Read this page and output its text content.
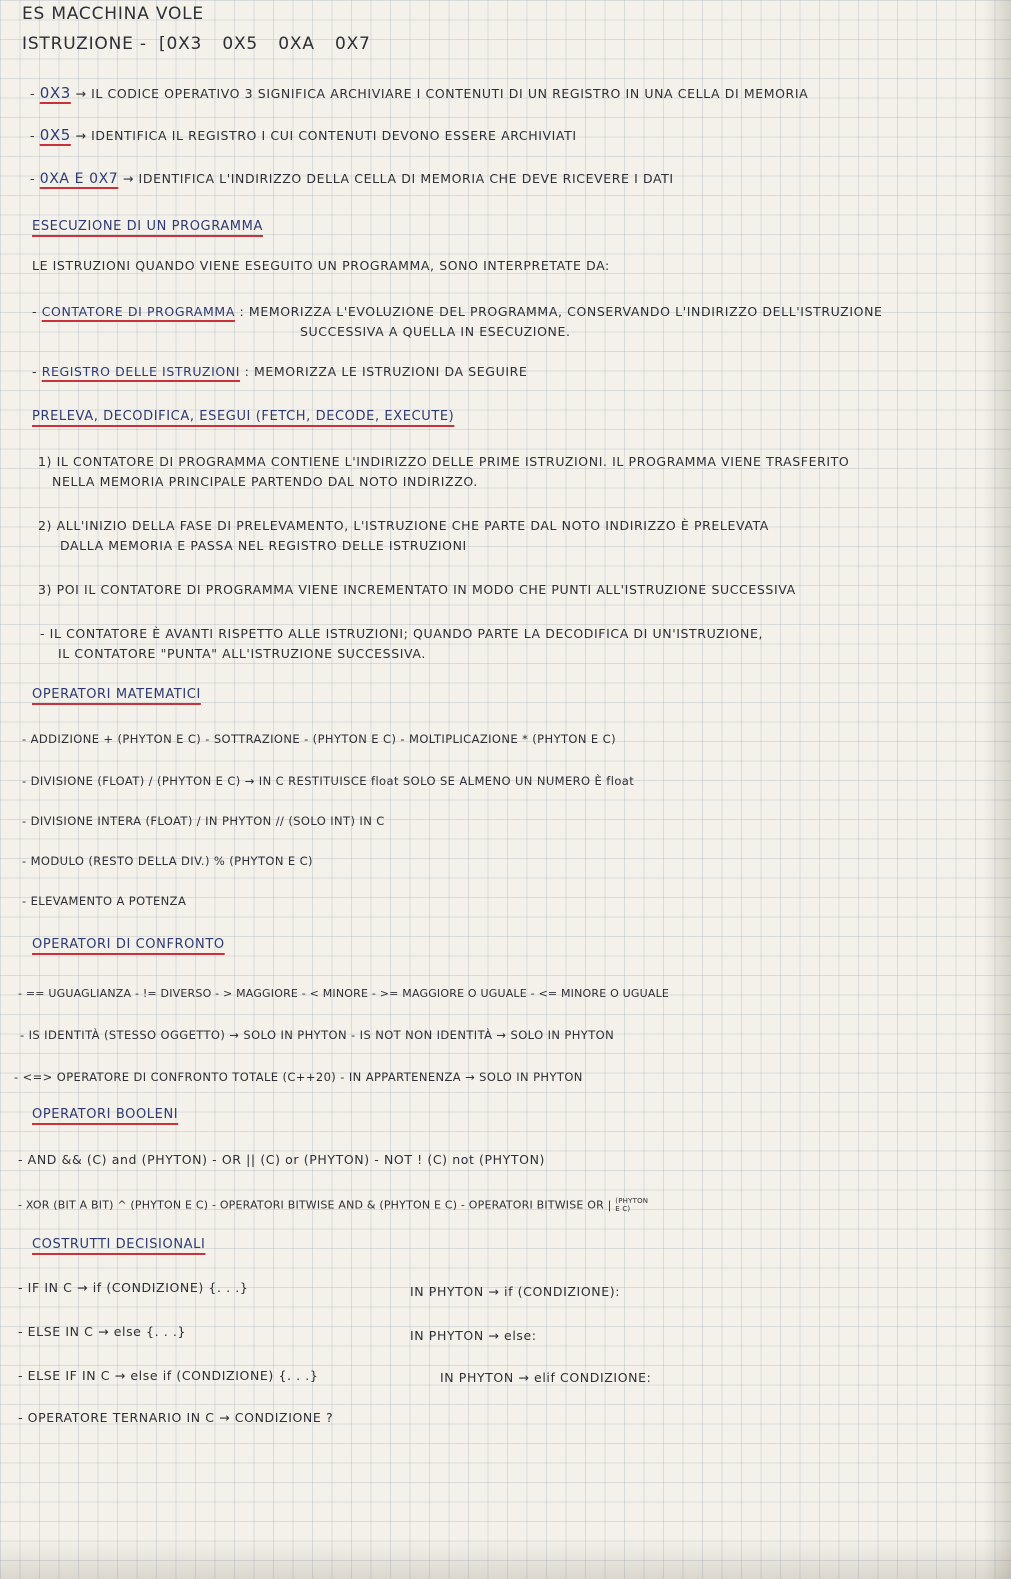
ES MACCHINA VOLE
ISTRUZIONE - [0X3 0X5 0XA 0X7
- 0X3 → IL CODICE OPERATIVO 3 SIGNIFICA ARCHIVIARE I CONTENUTI DI UN REGISTRO IN UNA CELLA DI MEMORIA
- 0X5 → IDENTIFICA IL REGISTRO I CUI CONTENUTI DEVONO ESSERE ARCHIVIATI
- 0XA E 0X7 → IDENTIFICA L'INDIRIZZO DELLA CELLA DI MEMORIA CHE DEVE RICEVERE I DATI
ESECUZIONE DI UN PROGRAMMA
LE ISTRUZIONI QUANDO VIENE ESEGUITO UN PROGRAMMA, SONO INTERPRETATE DA:
- CONTATORE DI PROGRAMMA : MEMORIZZA L'EVOLUZIONE DEL PROGRAMMA, CONSERVANDO L'INDIRIZZO DELL'ISTRUZIONE
SUCCESSIVA A QUELLA IN ESECUZIONE.
- REGISTRO DELLE ISTRUZIONI : MEMORIZZA LE ISTRUZIONI DA SEGUIRE
PRELEVA, DECODIFICA, ESEGUI (FETCH, DECODE, EXECUTE)
1) IL CONTATORE DI PROGRAMMA CONTIENE L'INDIRIZZO DELLE PRIME ISTRUZIONI. IL PROGRAMMA VIENE TRASFERITO
NELLA MEMORIA PRINCIPALE PARTENDO DAL NOTO INDIRIZZO.
2) ALL'INIZIO DELLA FASE DI PRELEVAMENTO, L'ISTRUZIONE CHE PARTE DAL NOTO INDIRIZZO È PRELEVATA
DALLA MEMORIA E PASSA NEL REGISTRO DELLE ISTRUZIONI
3) POI IL CONTATORE DI PROGRAMMA VIENE INCREMENTATO IN MODO CHE PUNTI ALL'ISTRUZIONE SUCCESSIVA
- IL CONTATORE È AVANTI RISPETTO ALLE ISTRUZIONI; QUANDO PARTE LA DECODIFICA DI UN'ISTRUZIONE,
IL CONTATORE "PUNTA" ALL'ISTRUZIONE SUCCESSIVA.
OPERATORI MATEMATICI
- ADDIZIONE + (PHYTON E C) - SOTTRAZIONE - (PHYTON E C) - MOLTIPLICAZIONE * (PHYTON E C)
- DIVISIONE (FLOAT) / (PHYTON E C) → IN C RESTITUISCE float SOLO SE ALMENO UN NUMERO È float
- DIVISIONE INTERA (FLOAT) / IN PHYTON // (SOLO INT) IN C
- MODULO (RESTO DELLA DIV.) % (PHYTON E C)
- ELEVAMENTO A POTENZA
OPERATORI DI CONFRONTO
- == UGUAGLIANZA - != DIVERSO - > MAGGIORE - < MINORE - >= MAGGIORE O UGUALE - <= MINORE O UGUALE
- IS IDENTITÀ (STESSO OGGETTO) → SOLO IN PHYTON - IS NOT NON IDENTITÀ → SOLO IN PHYTON
- <=> OPERATORE DI CONFRONTO TOTALE (C++20) - IN APPARTENENZA → SOLO IN PHYTON
OPERATORI BOOLENI
- AND && (C) and (PHYTON) - OR || (C) or (PHYTON) - NOT ! (C) not (PHYTON)
- XOR (BIT A BIT) ^ (PHYTON E C) - OPERATORI BITWISE AND & (PHYTON E C) - OPERATORI BITWISE OR | (PHYTON E C)
COSTRUTTI DECISIONALI
- IF IN C → if (CONDIZIONE) {. . .}	IN PHYTON → if (CONDIZIONE):
- ELSE IN C → else {. . .}	IN PHYTON → else:
- ELSE IF IN C → else if (CONDIZIONE) {. . .}	IN PHYTON → elif CONDIZIONE:
- OPERATORE TERNARIO IN C → CONDIZIONE ?
